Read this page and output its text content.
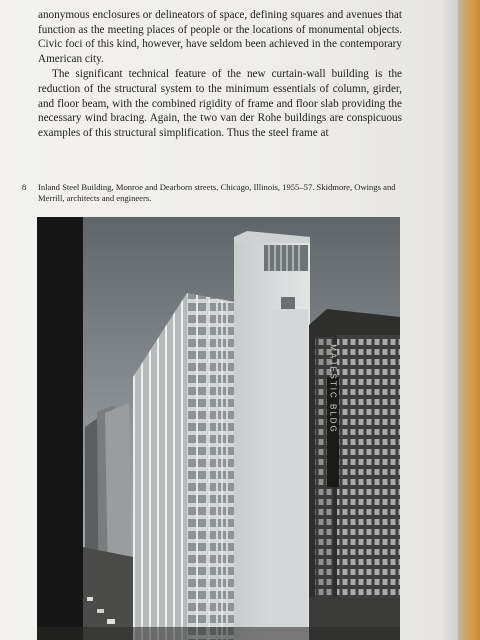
anonymous enclosures or delineators of space, defining squares and avenues that function as the meeting places of people or the locations of monumental objects. Civic foci of this kind, however, have seldom been achieved in the contemporary American city.

The significant technical feature of the new curtain-wall building is the reduction of the structural system to the minimum essentials of column, girder, and floor beam, with the combined rigidity of frame and floor slab providing the necessary wind bracing. Again, the two van der Rohe buildings are conspicuous examples of this structural simplification. Thus the steel frame at

8	Inland Steel Building, Monroe and Dearborn streets, Chicago, Illinois, 1955–57. Skidmore, Owings and Merrill, architects and engineers.
MAJESTIC BLDG
